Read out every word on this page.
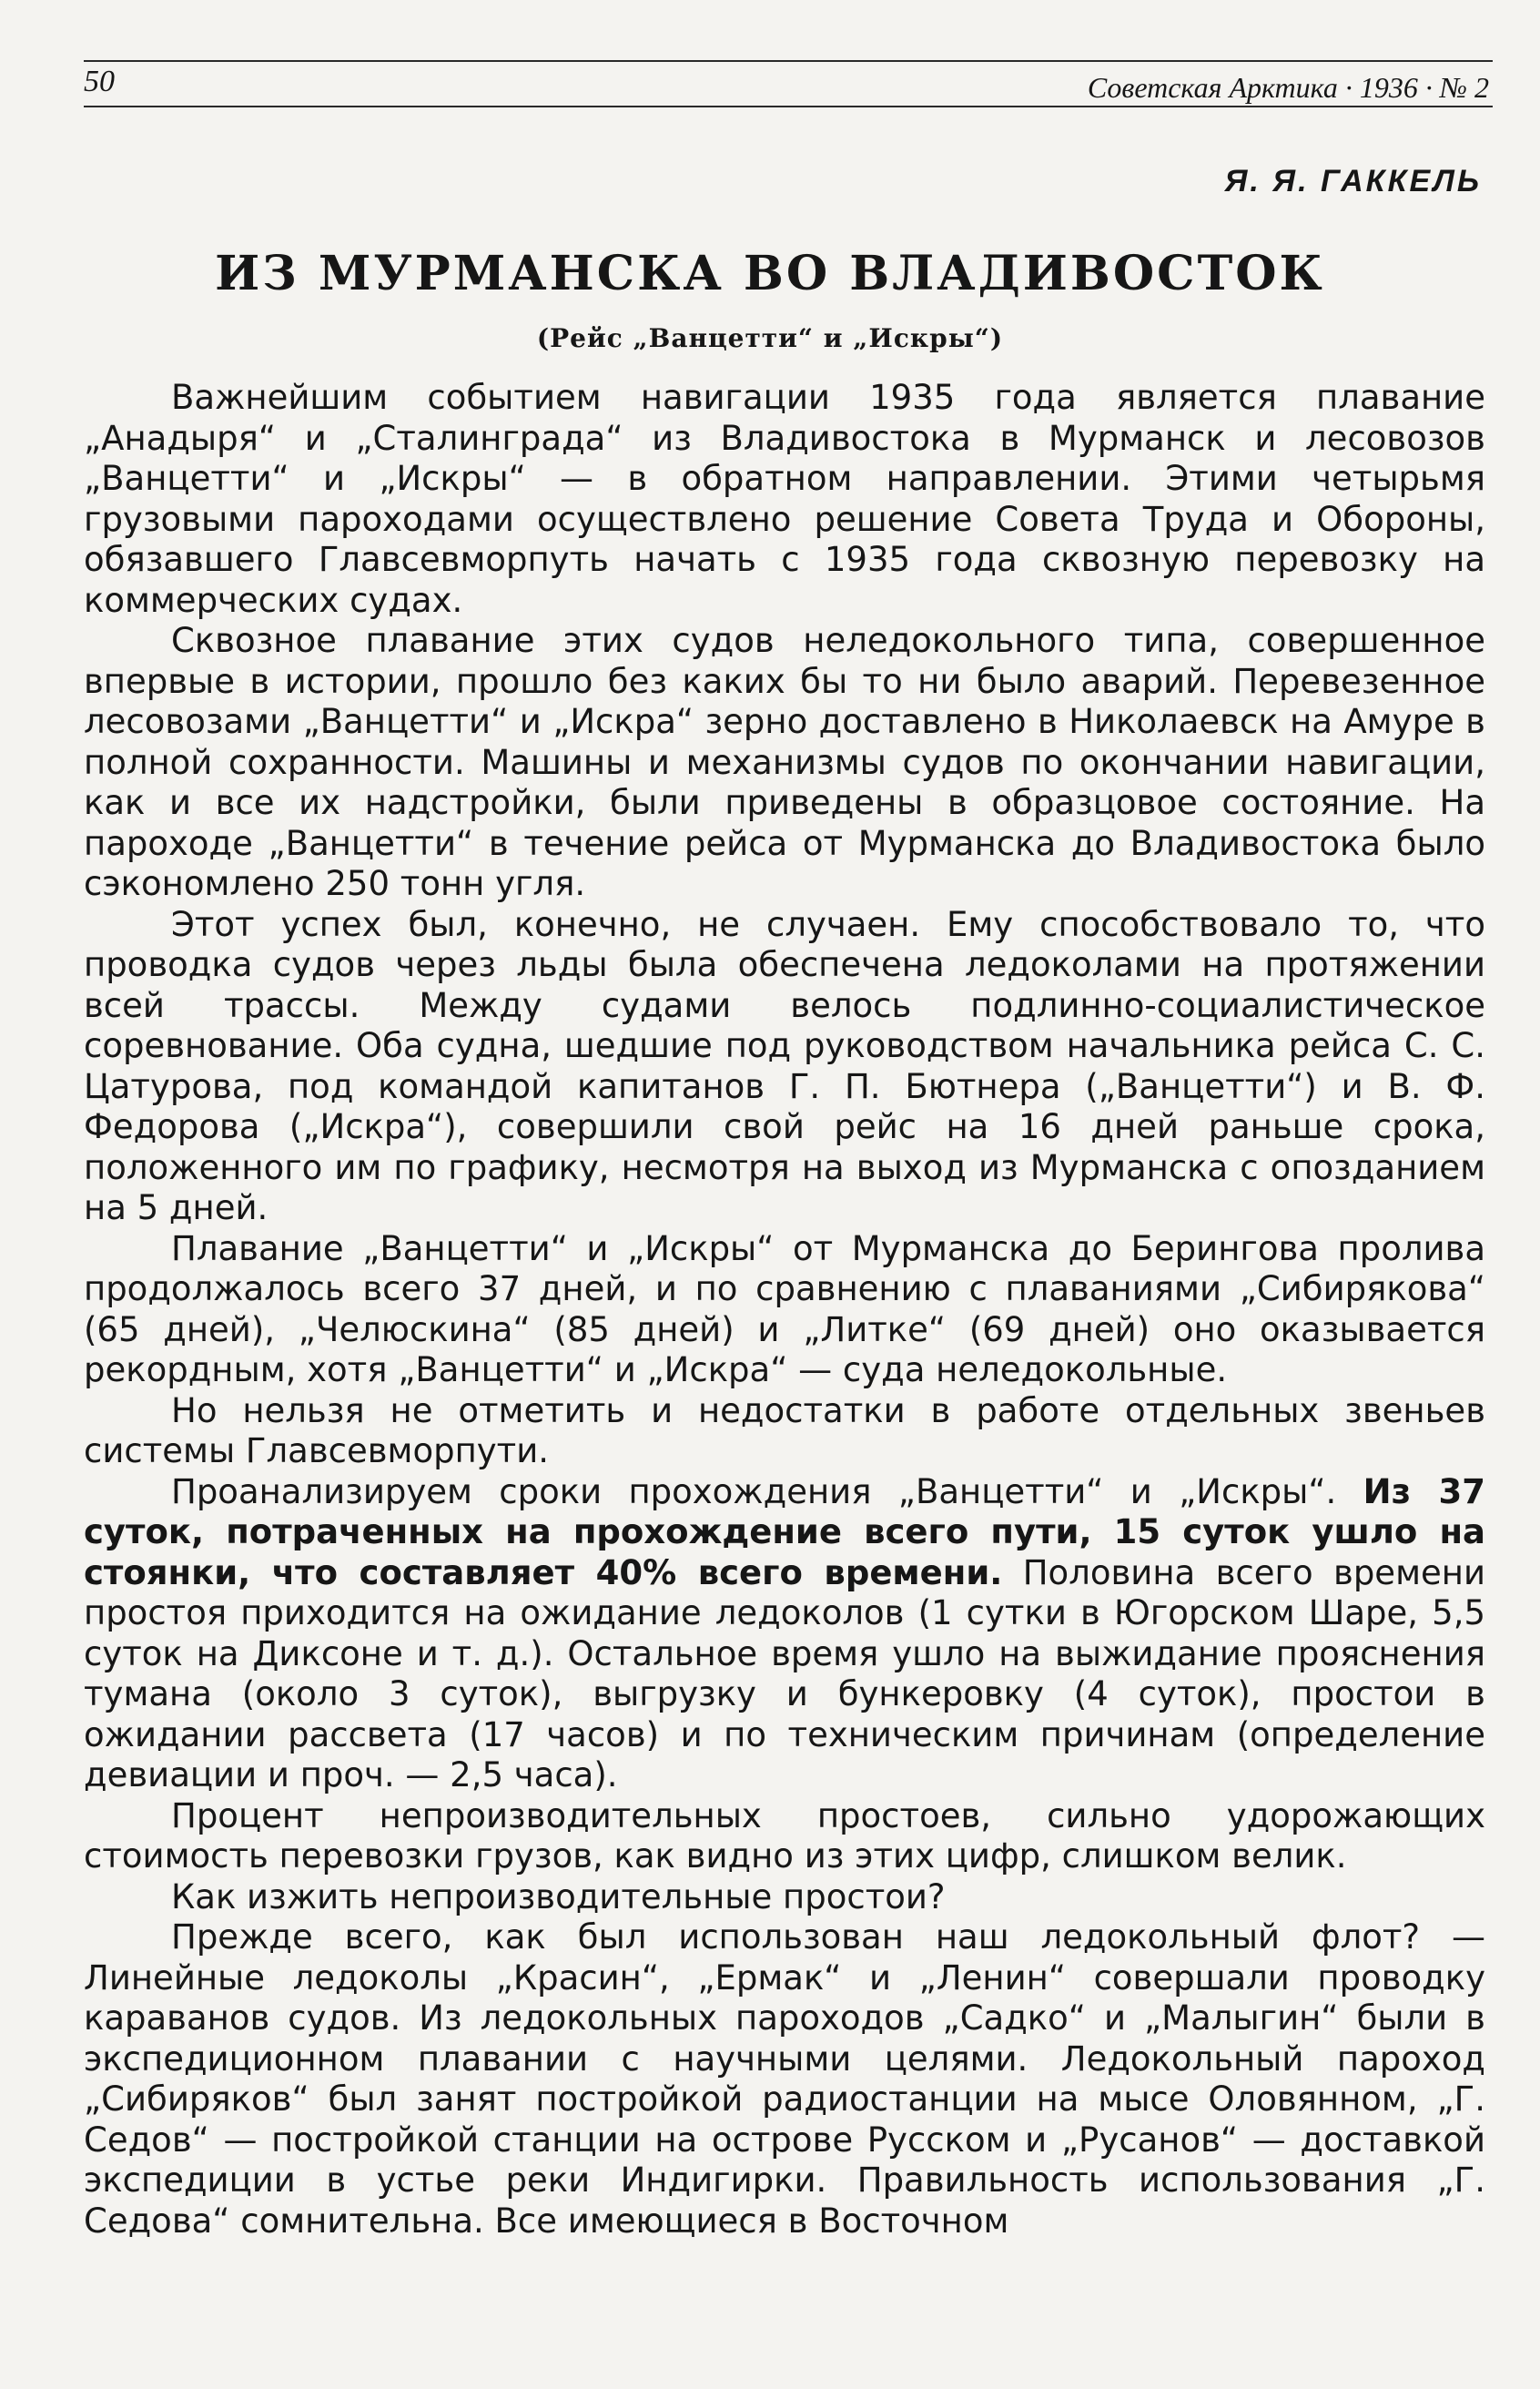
50	Советская Арктика · 1936 · № 2
Я. Я. ГАККЕЛЬ
ИЗ МУРМАНСКА ВО ВЛАДИВОСТОК
(Рейс „Ванцетти“ и „Искры“)

Важнейшим событием навигации 1935 года является плавание „Анадыря“ и „Сталинграда“ из Владивостока в Мурманск и лесовозов „Ванцетти“ и „Искры“ — в обратном направлении. Этими четырьмя грузовыми пароходами осуществлено решение Совета Труда и Обороны, обязавшего Главсевморпуть начать с 1935 года сквозную перевозку на коммерческих судах.

Сквозное плавание этих судов неледокольного типа, совершенное впервые в истории, прошло без каких бы то ни было аварий. Перевезенное лесовозами „Ванцетти“ и „Искра“ зерно доставлено в Николаевск на Амуре в полной сохранности. Машины и механизмы судов по окончании навигации, как и все их надстройки, были приведены в образцовое состояние. На пароходе „Ванцетти“ в течение рейса от Мурманска до Владивостока было сэкономлено 250 тонн угля.

Этот успех был, конечно, не случаен. Ему способствовало то, что проводка судов через льды была обеспечена ледоколами на протяжении всей трассы. Между судами велось подлинно-социалистическое соревнование. Оба судна, шедшие под руководством начальника рейса С. С. Цатурова, под командой капитанов Г. П. Бютнера („Ванцетти“) и В. Ф. Федорова („Искра“), совершили свой рейс на 16 дней раньше срока, положенного им по графику, несмотря на выход из Мурманска с опозданием на 5 дней.

Плавание „Ванцетти“ и „Искры“ от Мурманска до Берингова пролива продолжалось всего 37 дней, и по сравнению с плаваниями „Сибирякова“ (65 дней), „Челюскина“ (85 дней) и „Литке“ (69 дней) оно оказывается рекордным, хотя „Ванцетти“ и „Искра“ — суда неледокольные.

Но нельзя не отметить и недостатки в работе отдельных звеньев системы Главсевморпути.

Проанализируем сроки прохождения „Ванцетти“ и „Искры“. Из 37 суток, потраченных на прохождение всего пути, 15 суток ушло на стоянки, что составляет 40% всего времени. Половина всего времени простоя приходится на ожидание ледоколов (1 сутки в Югорском Шаре, 5,5 суток на Диксоне и т. д.). Остальное время ушло на выжидание прояснения тумана (около 3 суток), выгрузку и бункеровку (4 суток), простои в ожидании рассвета (17 часов) и по техническим причинам (определение девиации и проч. — 2,5 часа).

Процент непроизводительных простоев, сильно удорожающих стоимость перевозки грузов, как видно из этих цифр, слишком велик.

Как изжить непроизводительные простои?

Прежде всего, как был использован наш ледокольный флот? — Линейные ледоколы „Красин“, „Ермак“ и „Ленин“ совершали проводку караванов судов. Из ледокольных пароходов „Садко“ и „Малыгин“ были в экспедиционном плавании с научными целями. Ледокольный пароход „Сибиряков“ был занят постройкой радиостанции на мысе Оловянном, „Г. Седов“ — постройкой станции на острове Русском и „Русанов“ — доставкой экспедиции в устье реки Индигирки. Правильность использования „Г. Седова“ сомнительна. Все имеющиеся в Восточном
